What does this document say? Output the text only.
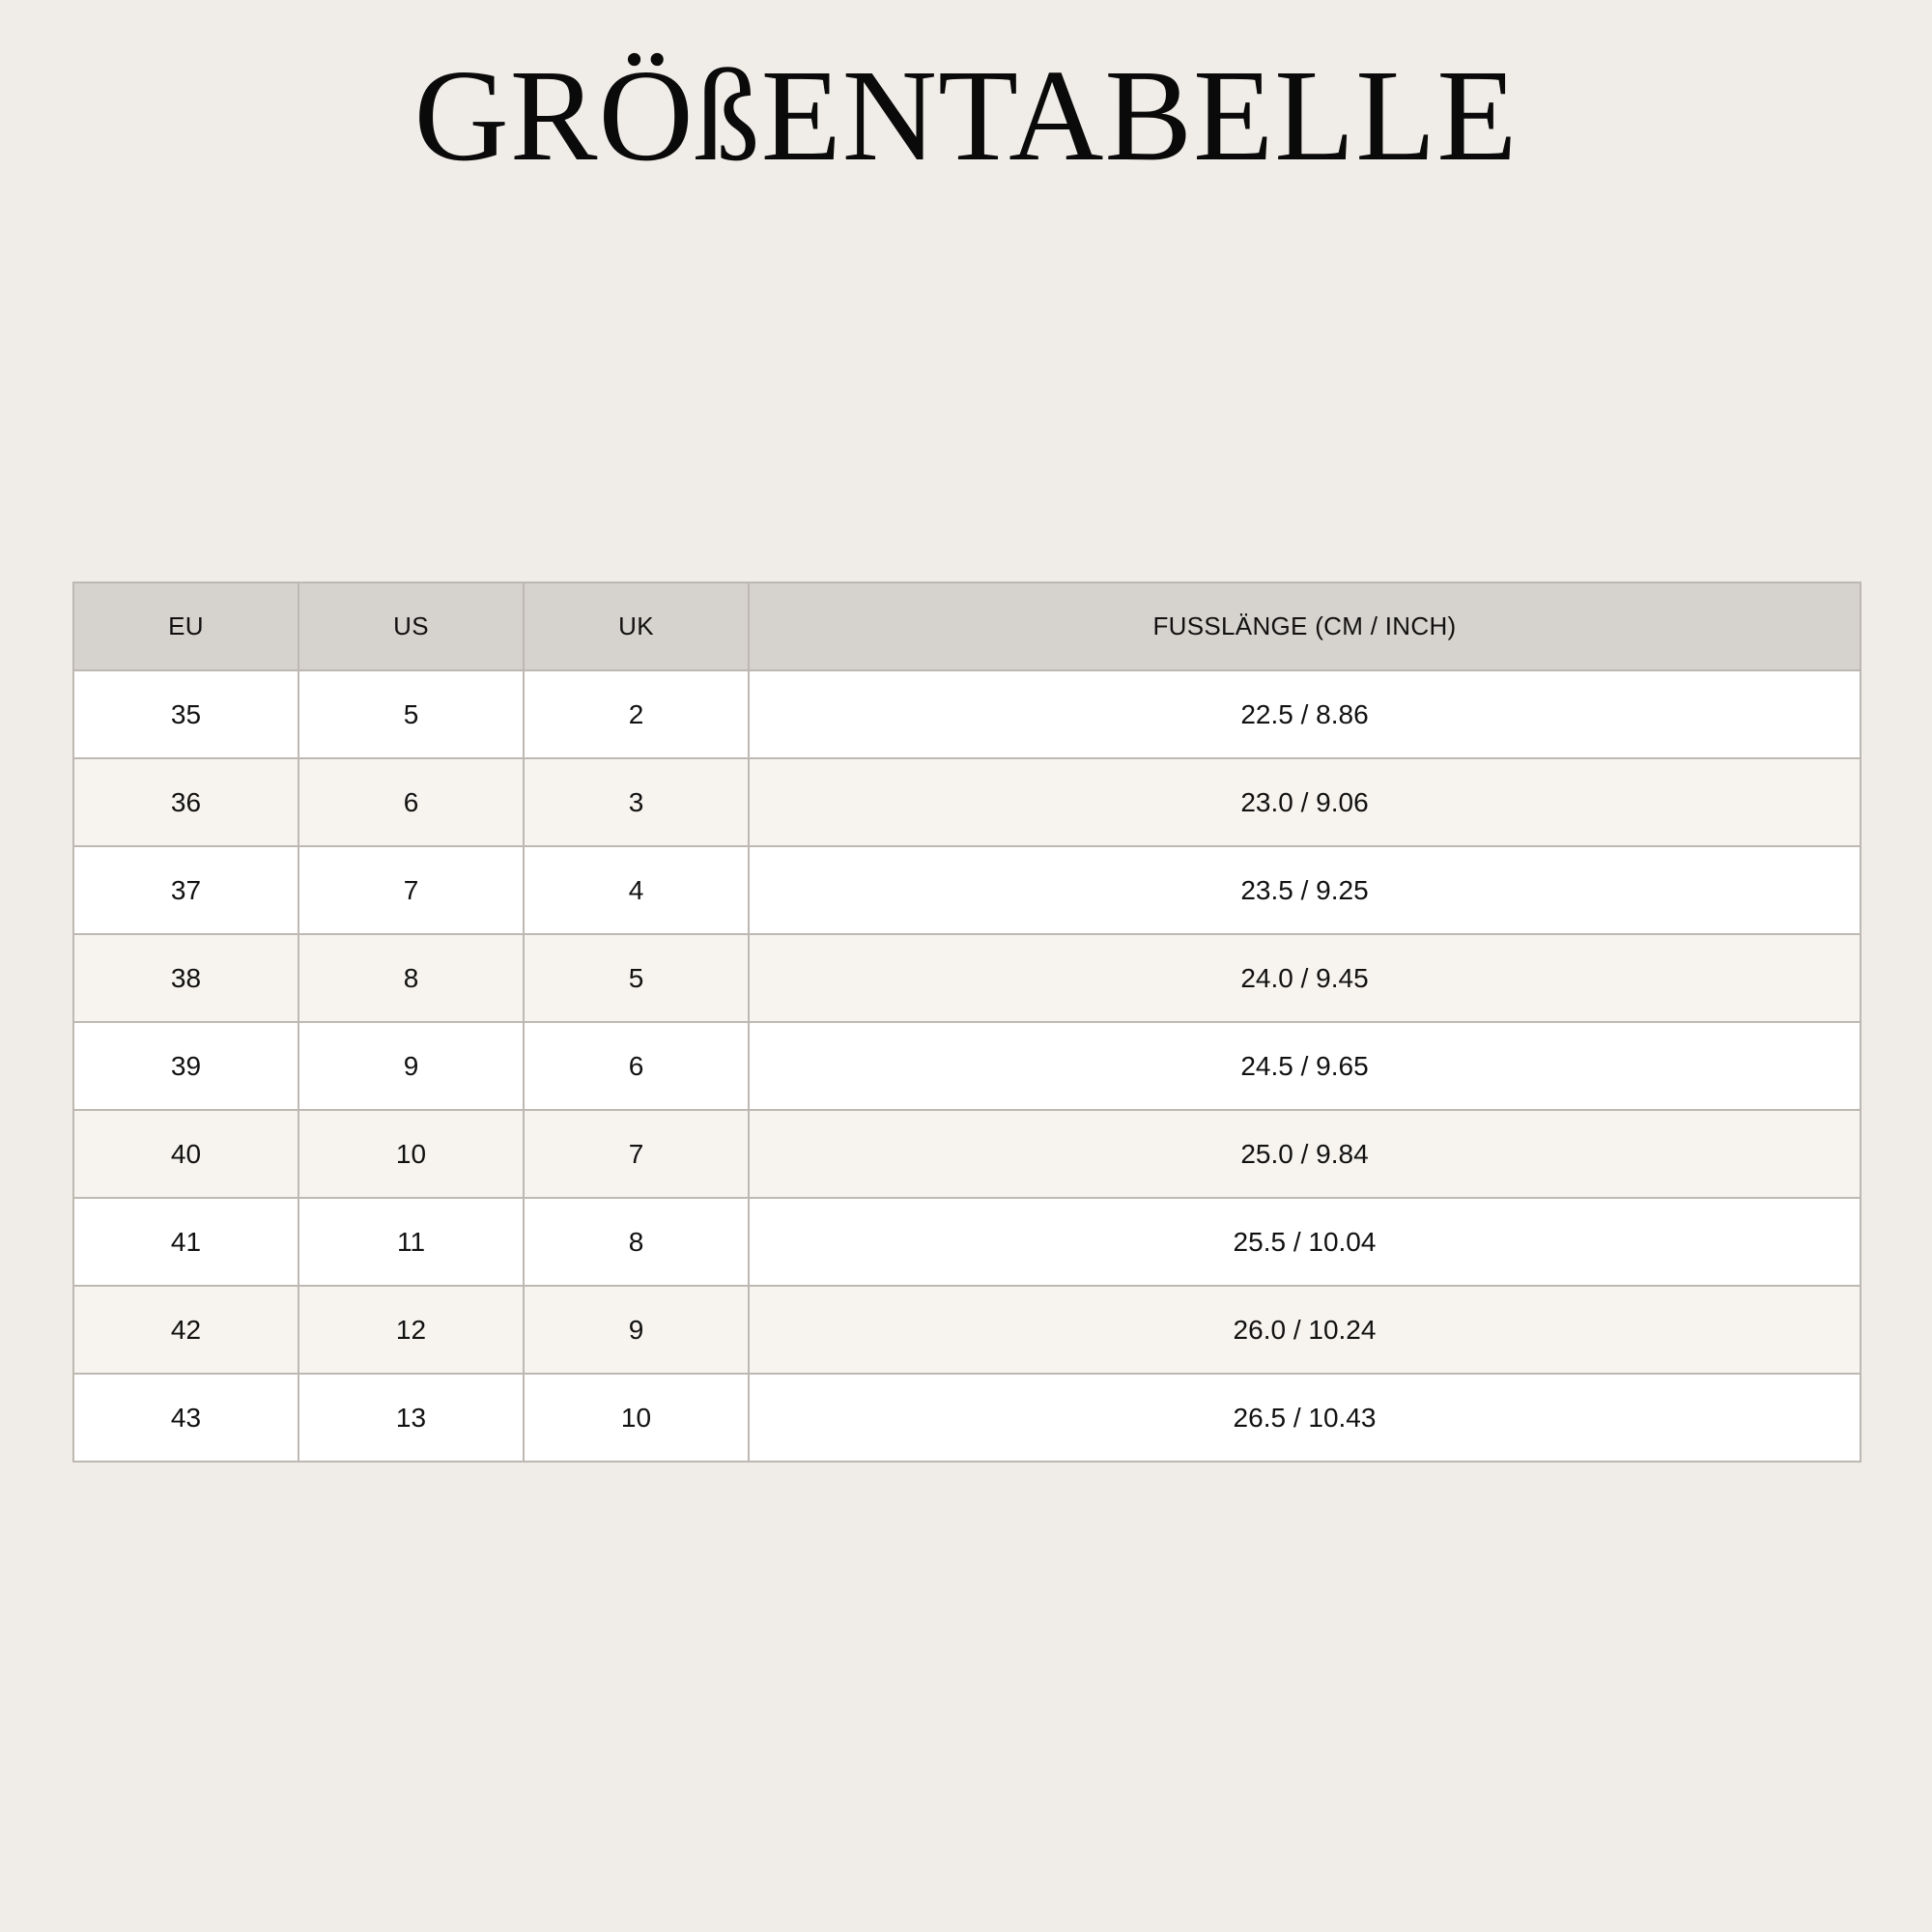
GRÖßENTABELLE
EU	US	UK	FUSSLÄNGE (CM / INCH)
35	5	2	22.5 / 8.86
36	6	3	23.0 / 9.06
37	7	4	23.5 / 9.25
38	8	5	24.0 / 9.45
39	9	6	24.5 / 9.65
40	10	7	25.0 / 9.84
41	11	8	25.5 / 10.04
42	12	9	26.0 / 10.24
43	13	10	26.5 / 10.43
